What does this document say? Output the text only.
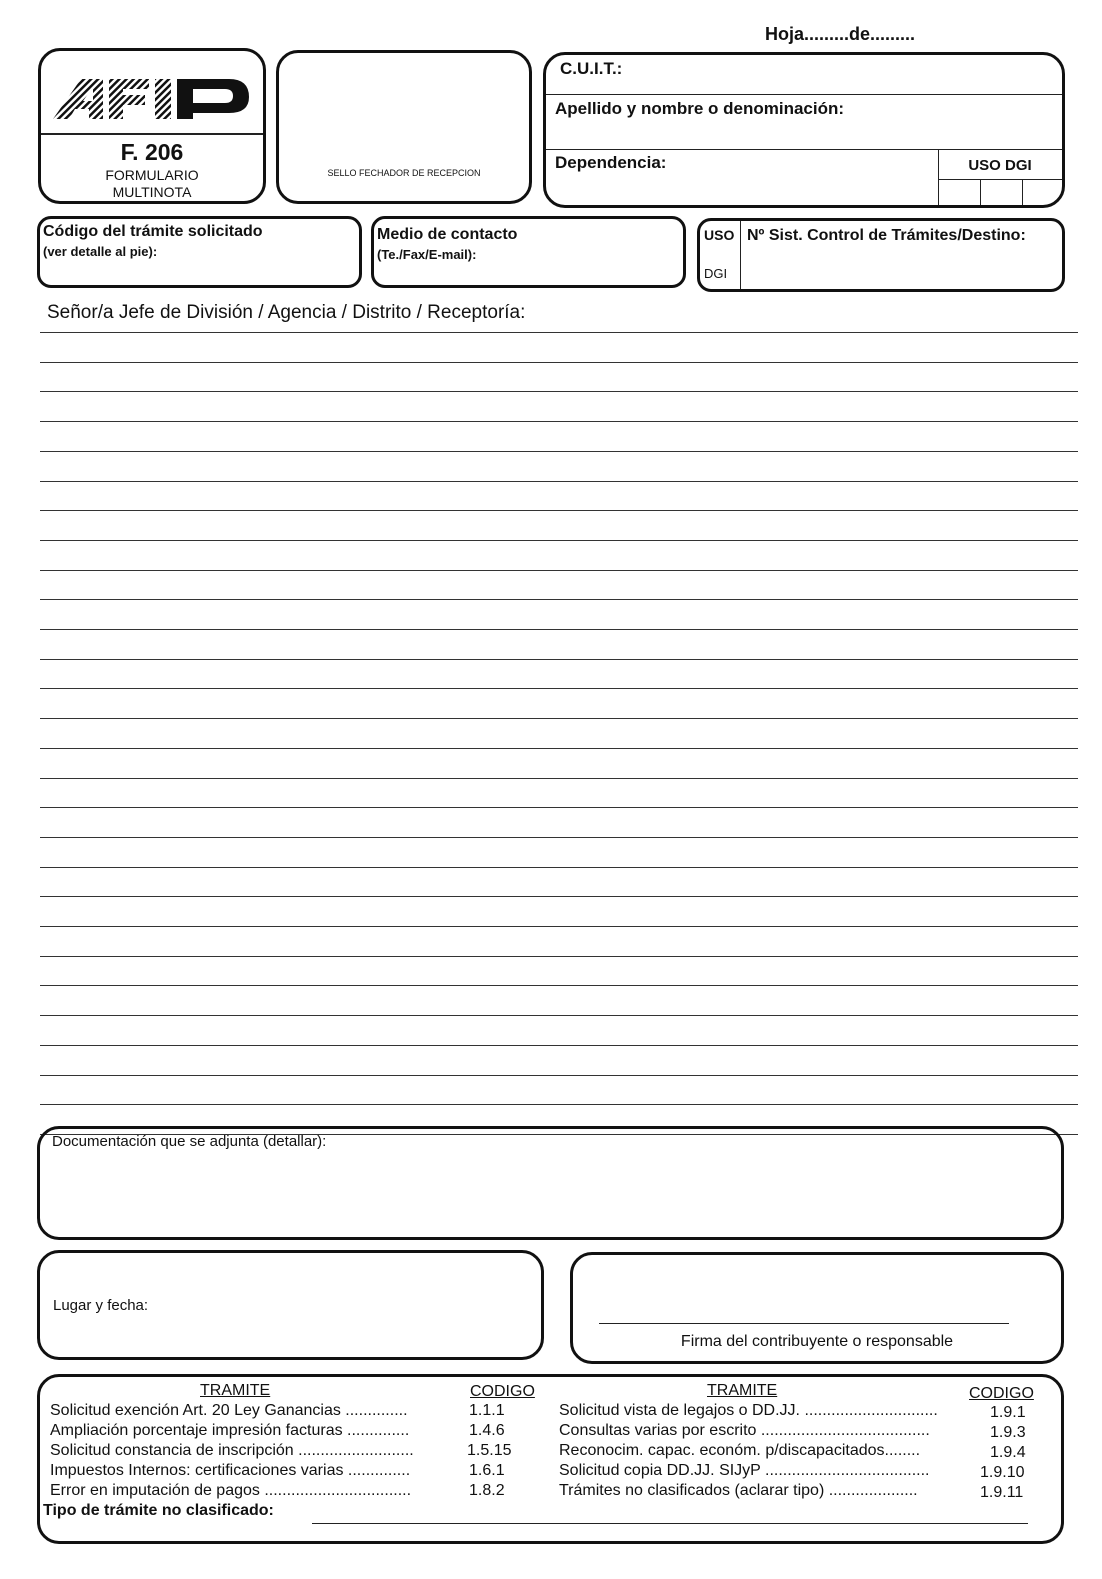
Hoja.........de.........
F. 206
FORMULARIO
MULTINOTA
SELLO FECHADOR DE RECEPCION
C.U.I.T.:
Apellido y nombre o denominación:
Dependencia:	USO DGI
Código del trámite solicitado
(ver detalle al pie):
Medio de contacto
(Te./Fax/E-mail):
USO
DGI
Nº Sist. Control de Trámites/Destino:
Señor/a Jefe de División / Agencia / Distrito / Receptoría:
Documentación que se adjunta (detallar):
Lugar y fecha:
Firma del contribuyente o responsable
TRAMITE	CODIGO	TRAMITE	CODIGO
Solicitud exención Art. 20 Ley Ganancias ..............	1.1.1
Ampliación porcentaje impresión facturas ..............	1.4.6
Solicitud constancia de inscripción ..........................	1.5.15
Impuestos Internos: certificaciones varias ..............	1.6.1
Error en imputación de pagos .................................	1.8.2
Solicitud vista de legajos o DD.JJ. ..............................	1.9.1
Consultas varias por escrito ......................................	1.9.3
Reconocim. capac. económ. p/discapacitados........	1.9.4
Solicitud copia DD.JJ. SIJyP .....................................	1.9.10
Trámites no clasificados (aclarar tipo) ....................	1.9.11
Tipo de trámite no clasificado:
